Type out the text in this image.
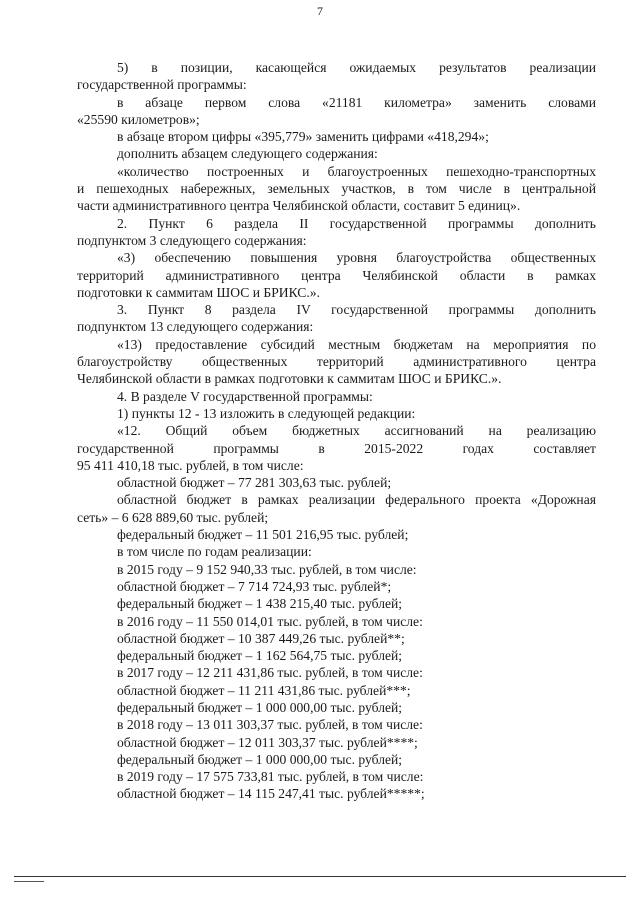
7

5) в позиции, касающейся ожидаемых результатов реализации

государственной программы:

в абзаце первом слова «21181 километра» заменить словами

«25590 километров»;

в абзаце втором цифры «395,779» заменить цифрами «418,294»;

дополнить абзацем следующего содержания:

«количество построенных и благоустроенных пешеходно-транспортных

и пешеходных набережных, земельных участков, в том числе в центральной

части административного центра Челябинской области, составит 5 единиц».

2. Пункт 6 раздела II государственной программы дополнить

подпунктом 3 следующего содержания:

«3) обеспечению повышения уровня благоустройства общественных

территорий административного центра Челябинской области в рамках

подготовки к саммитам ШОС и БРИКС.».

3. Пункт 8 раздела IV государственной программы дополнить

подпунктом 13 следующего содержания:

«13) предоставление субсидий местным бюджетам на мероприятия по

благоустройству общественных территорий административного центра

Челябинской области в рамках подготовки к саммитам ШОС и БРИКС.».

4. В разделе V государственной программы:

1) пункты 12 - 13 изложить в следующей редакции:

«12. Общий объем бюджетных ассигнований на реализацию

государственной программы в 2015-2022 годах составляет

95 411 410,18 тыс. рублей, в том числе:

областной бюджет – 77 281 303,63 тыс. рублей;

областной бюджет в рамках реализации федерального проекта «Дорожная

сеть» – 6 628 889,60 тыс. рублей;

федеральный бюджет – 11 501 216,95 тыс. рублей;

в том числе по годам реализации:

в 2015 году – 9 152 940,33 тыс. рублей, в том числе:

областной бюджет – 7 714 724,93 тыс. рублей*;

федеральный бюджет – 1 438 215,40 тыс. рублей;

в 2016 году – 11 550 014,01 тыс. рублей, в том числе:

областной бюджет – 10 387 449,26 тыс. рублей**;

федеральный бюджет – 1 162 564,75 тыс. рублей;

в 2017 году – 12 211 431,86 тыс. рублей, в том числе:

областной бюджет – 11 211 431,86 тыс. рублей***;

федеральный бюджет – 1 000 000,00 тыс. рублей;

в 2018 году – 13 011 303,37 тыс. рублей, в том числе:

областной бюджет – 12 011 303,37 тыс. рублей****;

федеральный бюджет – 1 000 000,00 тыс. рублей;

в 2019 году – 17 575 733,81 тыс. рублей, в том числе:

областной бюджет – 14 115 247,41 тыс. рублей*****;
